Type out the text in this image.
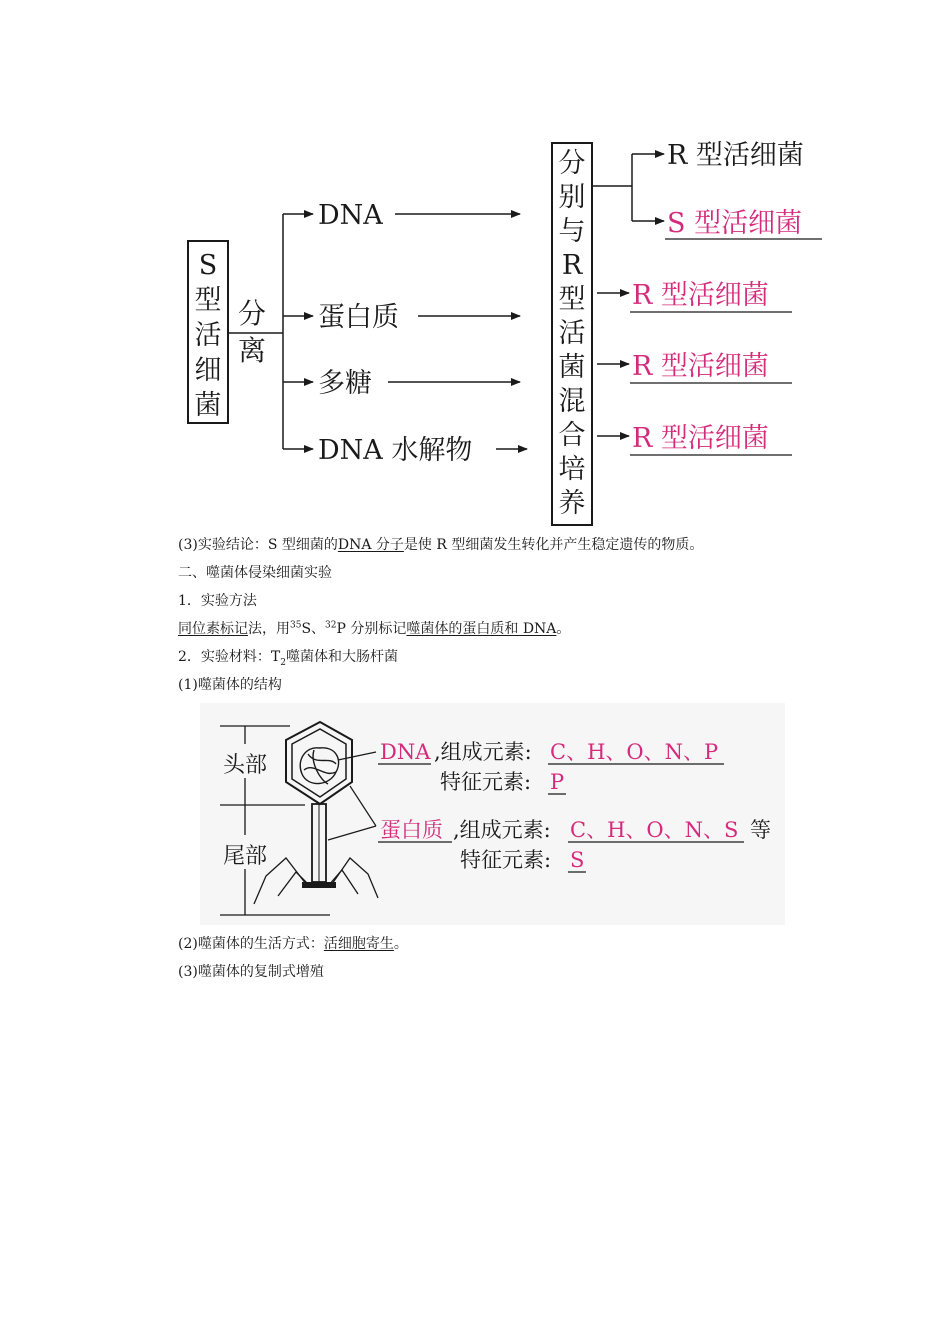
S
型
活
细
菌
分
离
DNA
蛋白质
多糖
DNA 水解物
分
别
与
R
型
活
菌
混
合
培
养
R 型活细菌
S 型活细菌
R 型活细菌
R 型活细菌
R 型活细菌
(3)实验结论：S 型细菌的DNA 分子是使 R 型细菌发生转化并产生稳定遗传的物质。
二、噬菌体侵染细菌实验
1．实验方法
同位素标记法，用$^{35}$S、$^{32}$P 分别标记噬菌体的蛋白质和 DNA。
2．实验材料：$T_2$噬菌体和大肠杆菌
(1)噬菌体的结构
头部
尾部
DNA ,组成元素: C、H、O、N、P
特征元素: P
蛋白质 ,组成元素: C、H、O、N、S 等
特征元素: S
(2)噬菌体的生活方式：活细胞寄生。
(3)噬菌体的复制式增殖
